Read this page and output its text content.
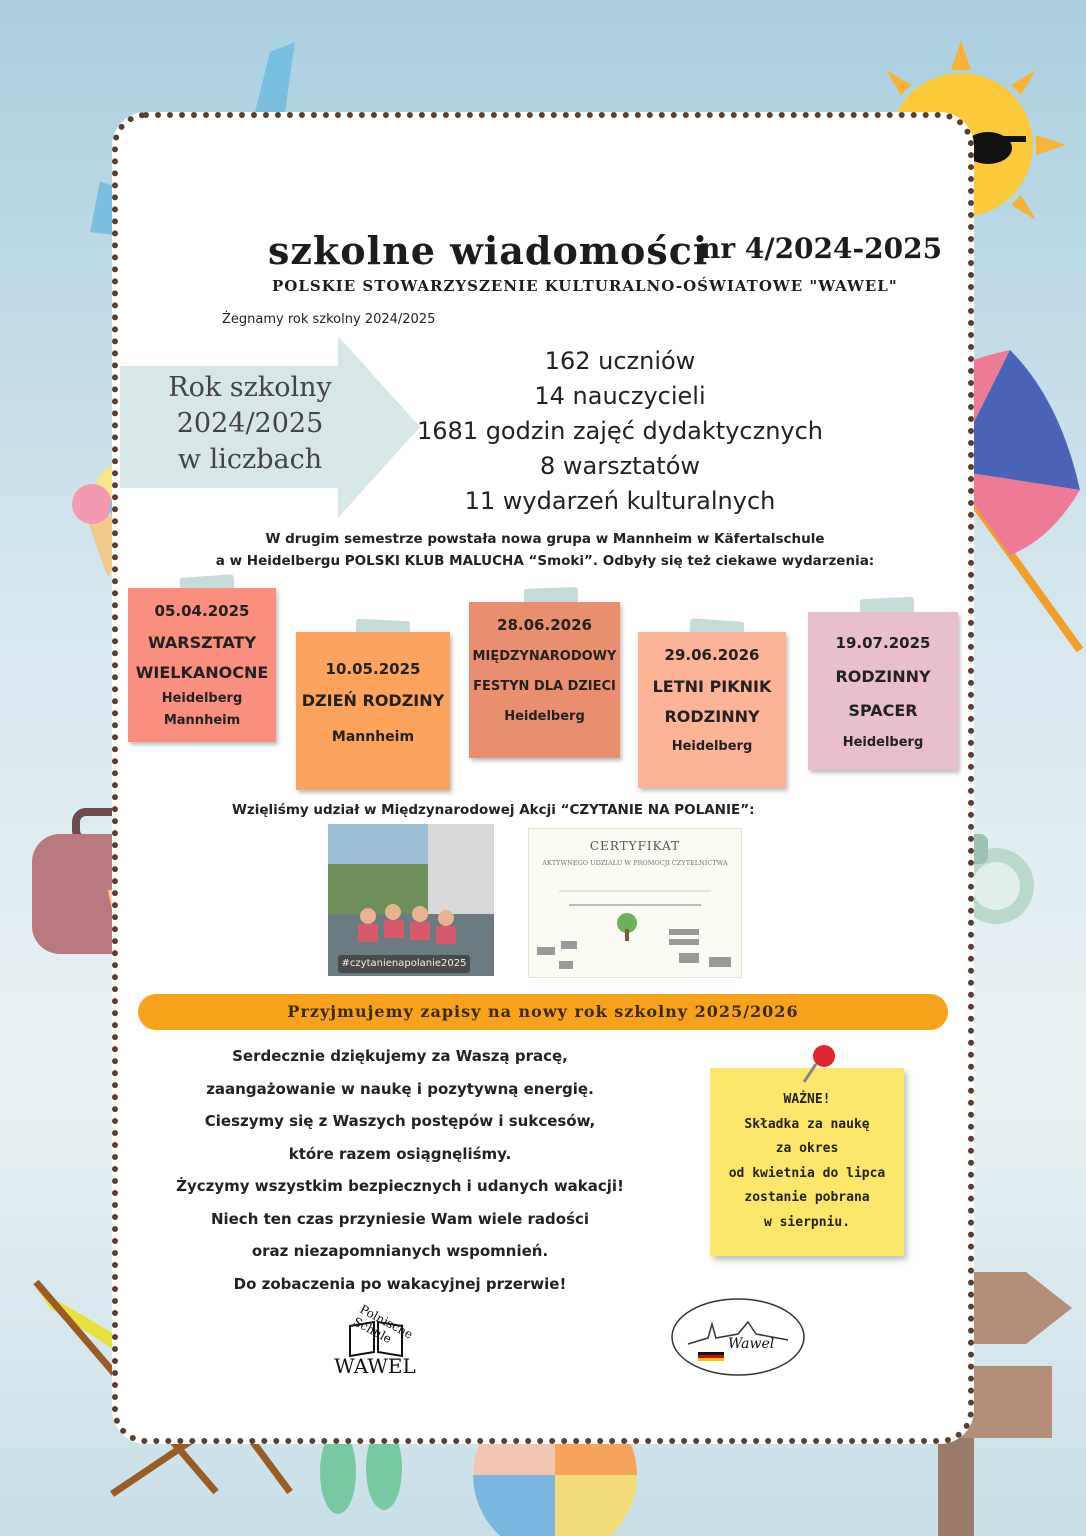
szkolne wiadomości
nr 4/2024-2025
POLSKIE STOWARZYSZENIE KULTURALNO-OŚWIATOWE "WAWEL"
Żegnamy rok szkolny 2024/2025
Rok szkolny
2024/2025
w liczbach
162 uczniów
14 nauczycieli
1681 godzin zajęć dydaktycznych
8 warsztatów
11 wydarzeń kulturalnych
W drugim semestrze powstała nowa grupa w Mannheim w Käfertalschule
a w Heidelbergu POLSKI KLUB MALUCHA “Smoki”. Odbyły się też ciekawe wydarzenia:
05.04.2025
WARSZTATY
WIELKANOCNE
Heidelberg
Mannheim
10.05.2025
DZIEŃ RODZINY
Mannheim
28.06.2026
MIĘDZYNARODOWY
FESTYN DLA DZIECI
Heidelberg
29.06.2026
LETNI PIKNIK
RODZINNY
Heidelberg
19.07.2025
RODZINNY
SPACER
Heidelberg
Wzięliśmy udział w Międzynarodowej Akcji “CZYTANIE NA POLANIE”:
#czytanienapolanie2025
CERTYFIKAT
AKTYWNEGO UDZIAŁU W PROMOCJI CZYTELNICTWA
Przyjmujemy zapisy na nowy rok szkolny 2025/2026
Serdecznie dziękujemy za Waszą pracę,
zaangażowanie w naukę i pozytywną energię.
Cieszymy się z Waszych postępów i sukcesów,
które razem osiągnęliśmy.
Życzymy wszystkim bezpiecznych i udanych wakacji!
Niech ten czas przyniesie Wam wiele radości
oraz niezapomnianych wspomnień.
Do zobaczenia po wakacyjnej przerwie!
WAŻNE!
Składka za naukę
za okres
od kwietnia do lipca
zostanie pobrana
w sierpniu.
Polnische Schule
WAWEL
Wawel
